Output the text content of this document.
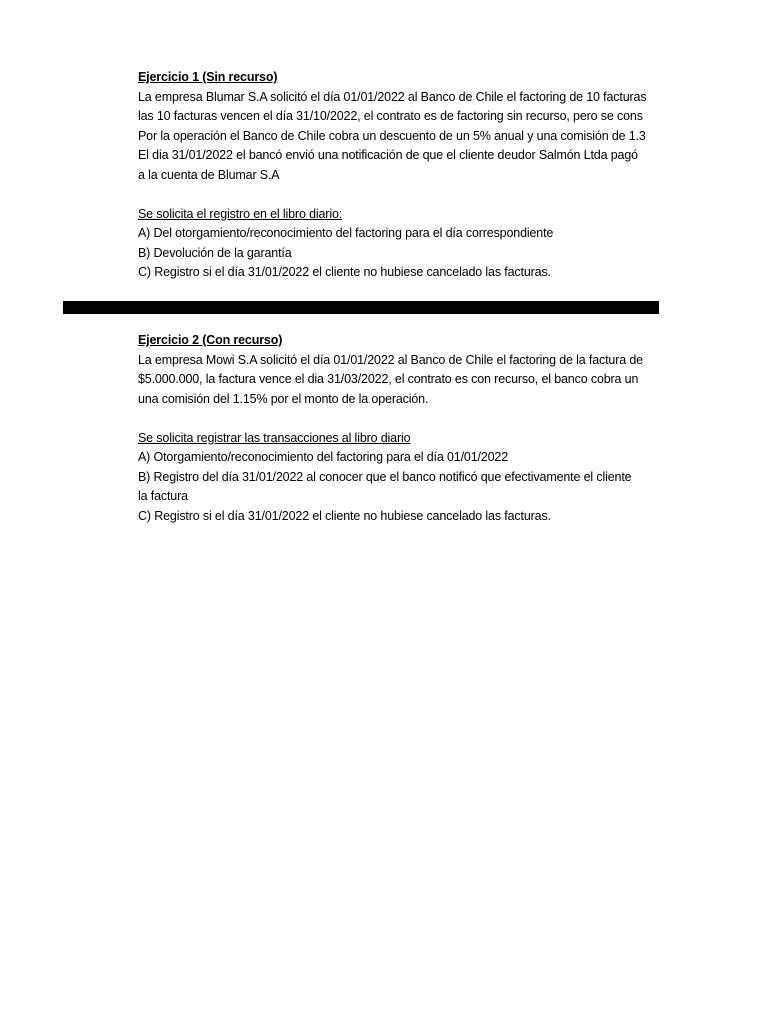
Ejercicio 1 (Sin recurso)
La empresa Blumar S.A solicitó el día 01/01/2022 al Banco de Chile el factoring de 10 facturas
las 10 facturas vencen el día 31/10/2022, el contrato es de factoring sin recurso, pero se cons
Por la operación el Banco de Chile cobra un descuento de un 5% anual y una comisión de 1.3
El dia 31/01/2022 el bancó envió una notificación de que el cliente deudor Salmón Ltda pagó
a la cuenta de Blumar S.A
Se solicita el registro en el libro diario:
A) Del otorgamiento/reconocimiento del factoring para el día correspondiente
B) Devolución de la garantía
C) Registro si el día 31/01/2022 el cliente no hubiese cancelado las facturas.
Ejercicio 2 (Con recurso)
La empresa Mowi S.A solicitó el día 01/01/2022 al Banco de Chile el factoring de la factura de
$5.000.000, la factura vence el dia 31/03/2022, el contrato es con recurso, el banco cobra un
una comisión del 1.15% por el monto de la operación.
Se solicita registrar las transacciones al libro diario
A) Otorgamiento/reconocimiento del factoring para el día 01/01/2022
B) Registro del día 31/01/2022 al conocer que el banco notificó que efectivamente el cliente
la factura
C) Registro si el día 31/01/2022 el cliente no hubiese cancelado las facturas.
